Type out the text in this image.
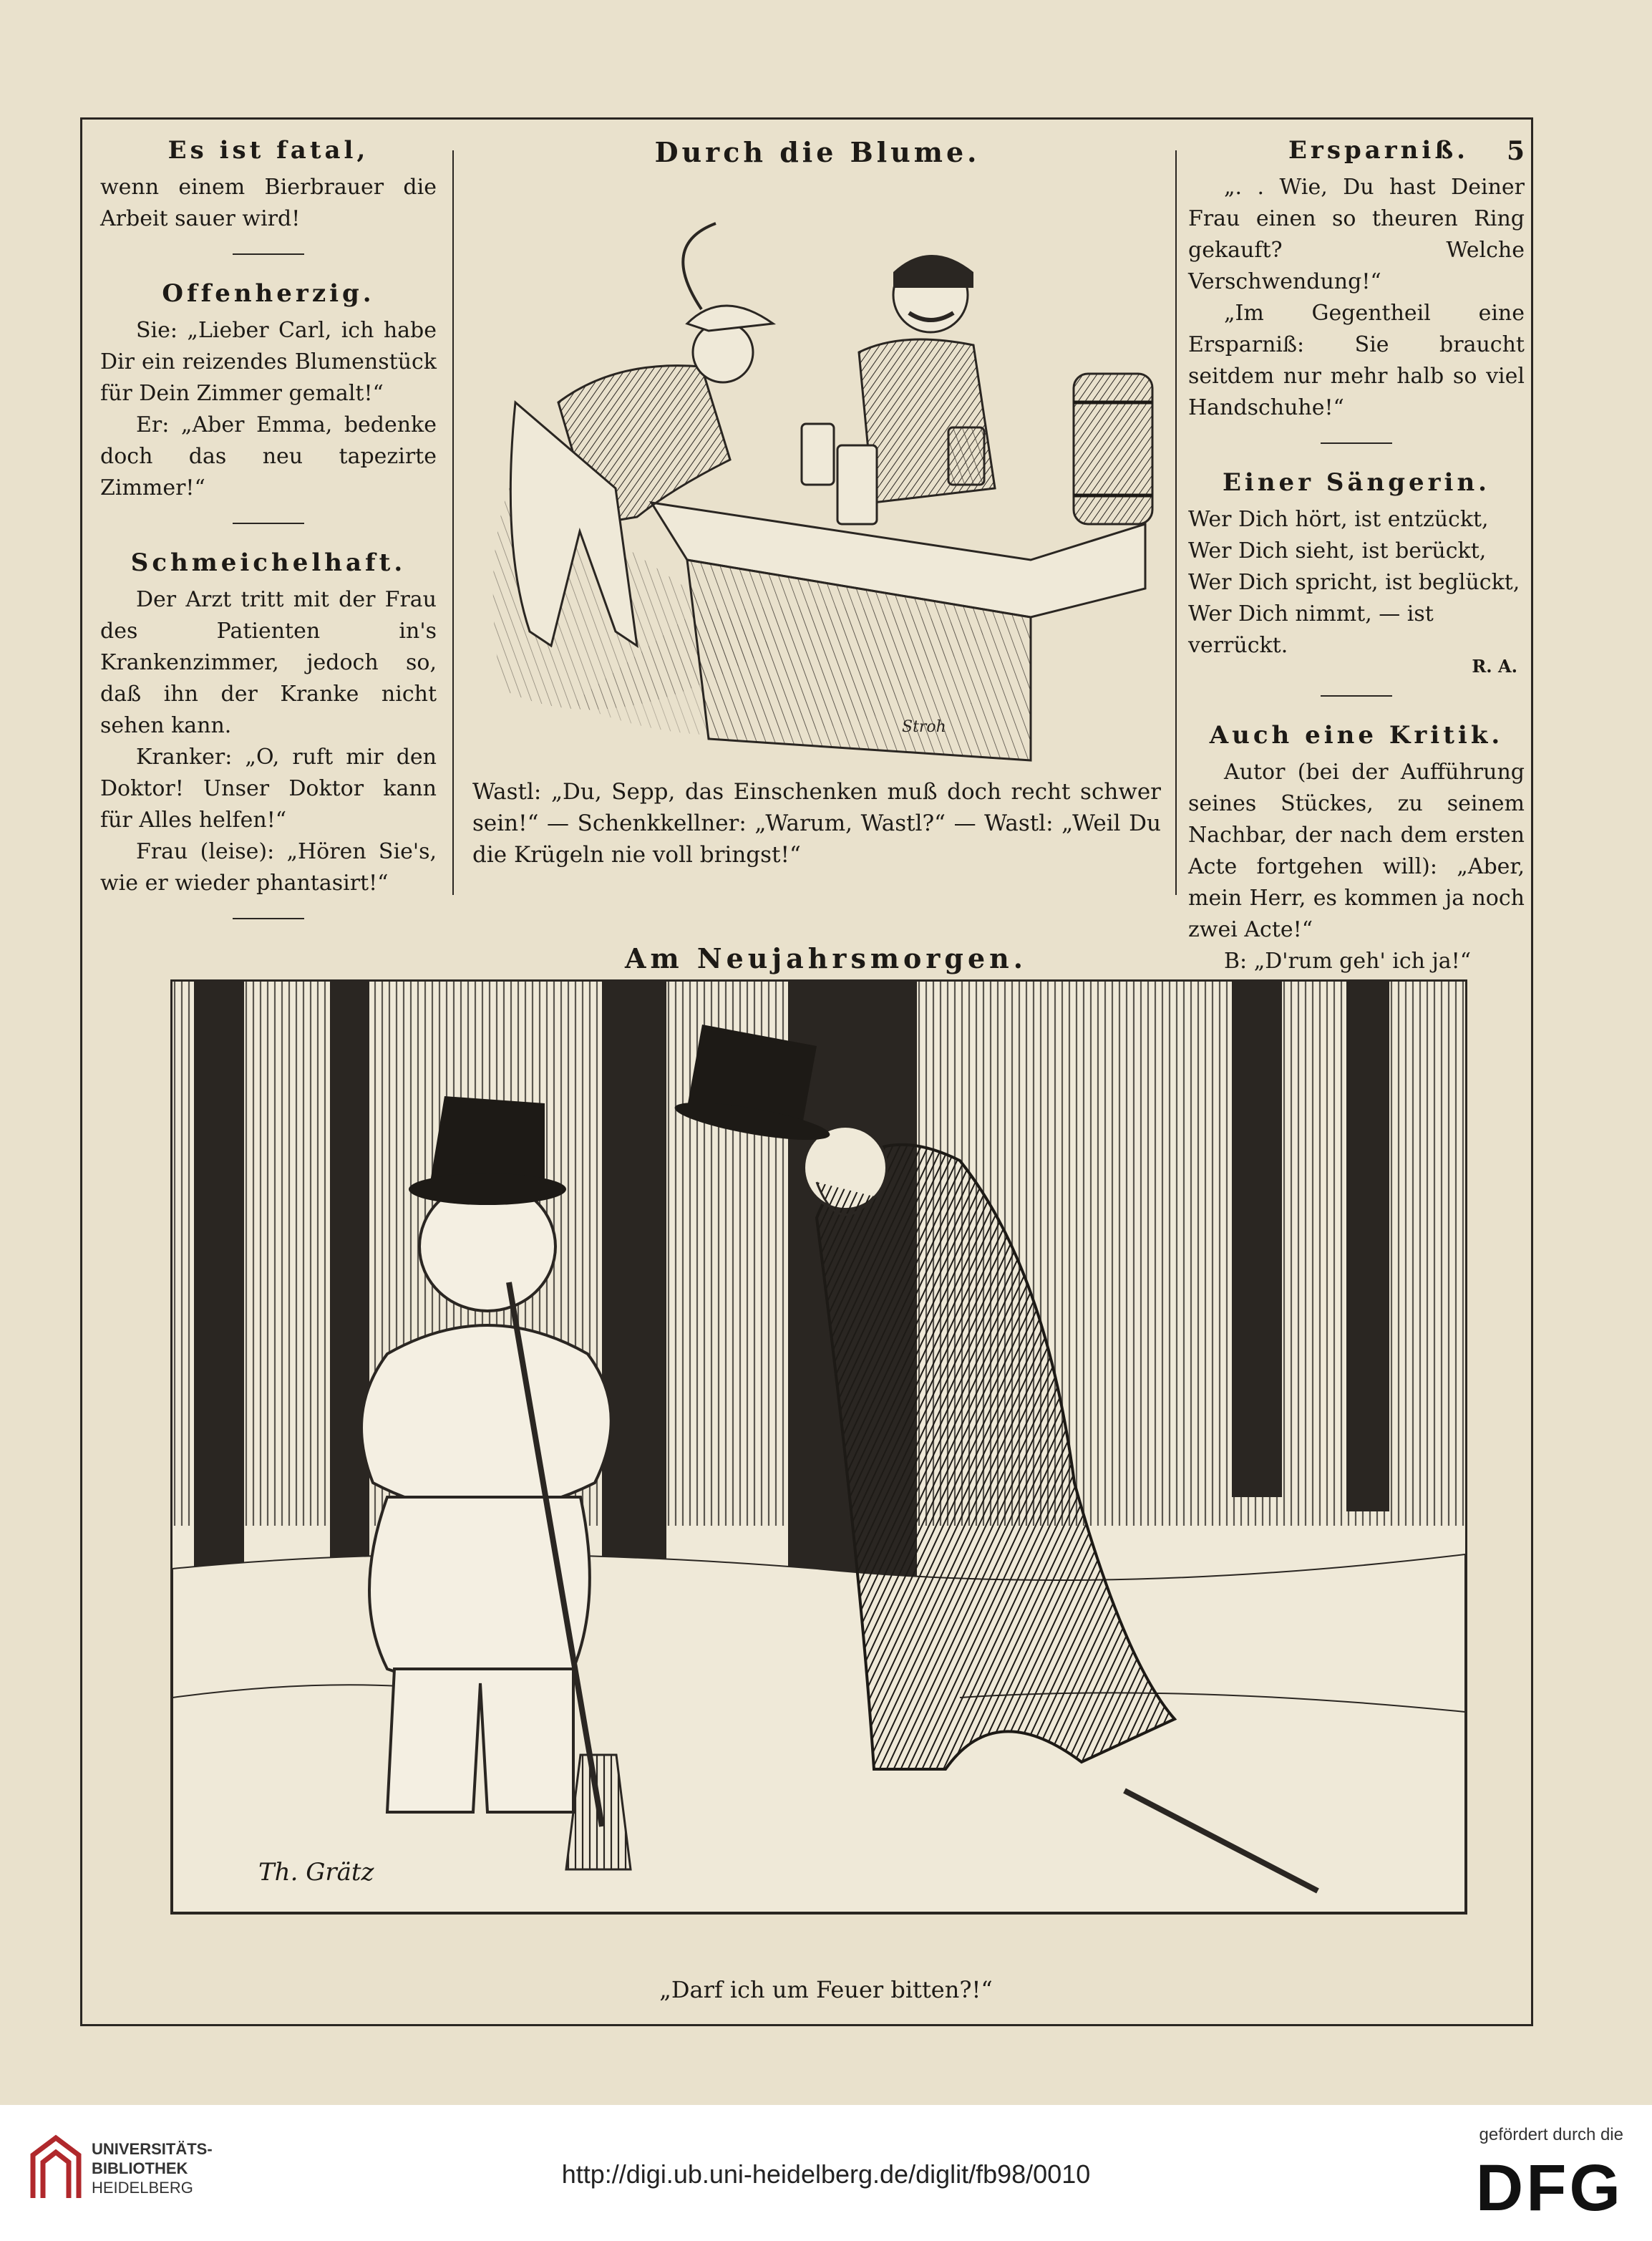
Es ist fatal,

wenn einem Bierbrauer die Arbeit sauer wird!

Offenherzig.

Sie: „Lieber Carl, ich habe Dir ein reizendes Blumenstück für Dein Zimmer gemalt!“

Er: „Aber Emma, bedenke doch das neu tapezirte Zimmer!“

Schmeichelhaft.

Der Arzt tritt mit der Frau des Patienten in's Krankenzimmer, jedoch so, daß ihn der Kranke nicht sehen kann.

Kranker: „O, ruft mir den Doktor! Unser Doktor kann für Alles helfen!“

Frau (leise): „Hören Sie's, wie er wieder phantasirt!“

Durch die Blume.
Stroh
Wastl: „Du, Sepp, das Einschenken muß doch recht schwer sein!“ — Schenkkellner: „Warum, Wastl?“ — Wastl: „Weil Du die Krügeln nie voll bringst!“
Ersparniß.	5

„. . Wie, Du hast Deiner Frau einen so theuren Ring gekauft? Welche Verschwendung!“

„Im Gegentheil eine Ersparniß: Sie braucht seitdem nur mehr halb so viel Handschuhe!“

Einer Sängerin.

Wer Dich hört, ist entzückt,

Wer Dich sieht, ist berückt,

Wer Dich spricht, ist beglückt,

Wer Dich nimmt, — ist verrückt.

R. A.
Auch eine Kritik.

Autor (bei der Aufführung seines Stückes, zu seinem Nachbar, der nach dem ersten Acte fortgehen will): „Aber, mein Herr, es kommen ja noch zwei Acte!“

B: „D'rum geh' ich ja!“

Am Neujahrsmorgen.
Th. Grätz
„Darf ich um Feuer bitten?!“
UNIVERSITÄTS-
BIBLIOTHEK
HEIDELBERG	http://digi.ub.uni-heidelberg.de/diglit/fb98/0010
gefördert durch die
DFG
